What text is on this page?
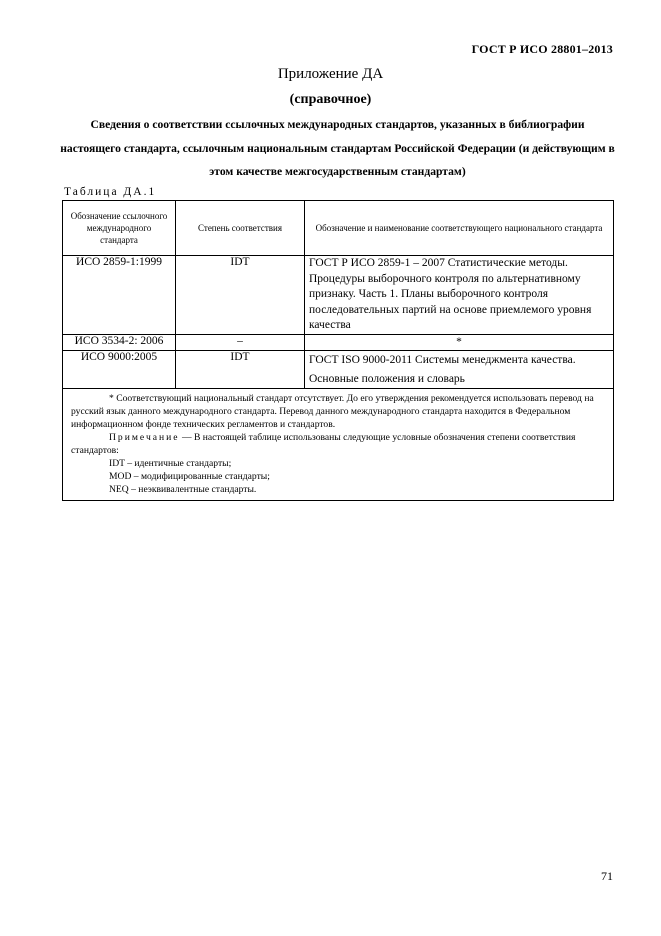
ГОСТ Р ИСО 28801–2013
Приложение ДА
(справочное)
Сведения о соответствии ссылочных международных стандартов, указанных в библиографии настоящего стандарта, ссылочным национальным стандартам Российской Федерации (и действующим в этом качестве межгосударственным стандартам)
Таблица ДА.1
Обозначение ссылочного международного стандарта	Степень соответствия	Обозначение и наименование соответствующего национального стандарта
ИСО 2859-1:1999	IDT	ГОСТ Р ИСО 2859-1 – 2007 Статистические методы. Процедуры выборочного контроля по альтернативному признаку. Часть 1. Планы выборочного контроля последовательных партий на основе приемлемого уровня качества
ИСО 3534-2: 2006	–	*
ИСО 9000:2005	IDT	ГОСТ ISO 9000-2011 Системы менеджмента качества. Основные положения и словарь

* Соответствующий национальный стандарт отсутствует. До его утверждения рекомендуется использовать перевод на русский язык данного международного стандарта. Перевод данного международного стандарта находится в Федеральном информационном фонде технических регламентов и стандартов.
Примечание — В настоящей таблице использованы следующие условные обозначения степени соответствия стандартов:
IDT – идентичные стандарты;
MOD – модифицированные стандарты;
NEQ – неэквивалентные стандарты.		
71
